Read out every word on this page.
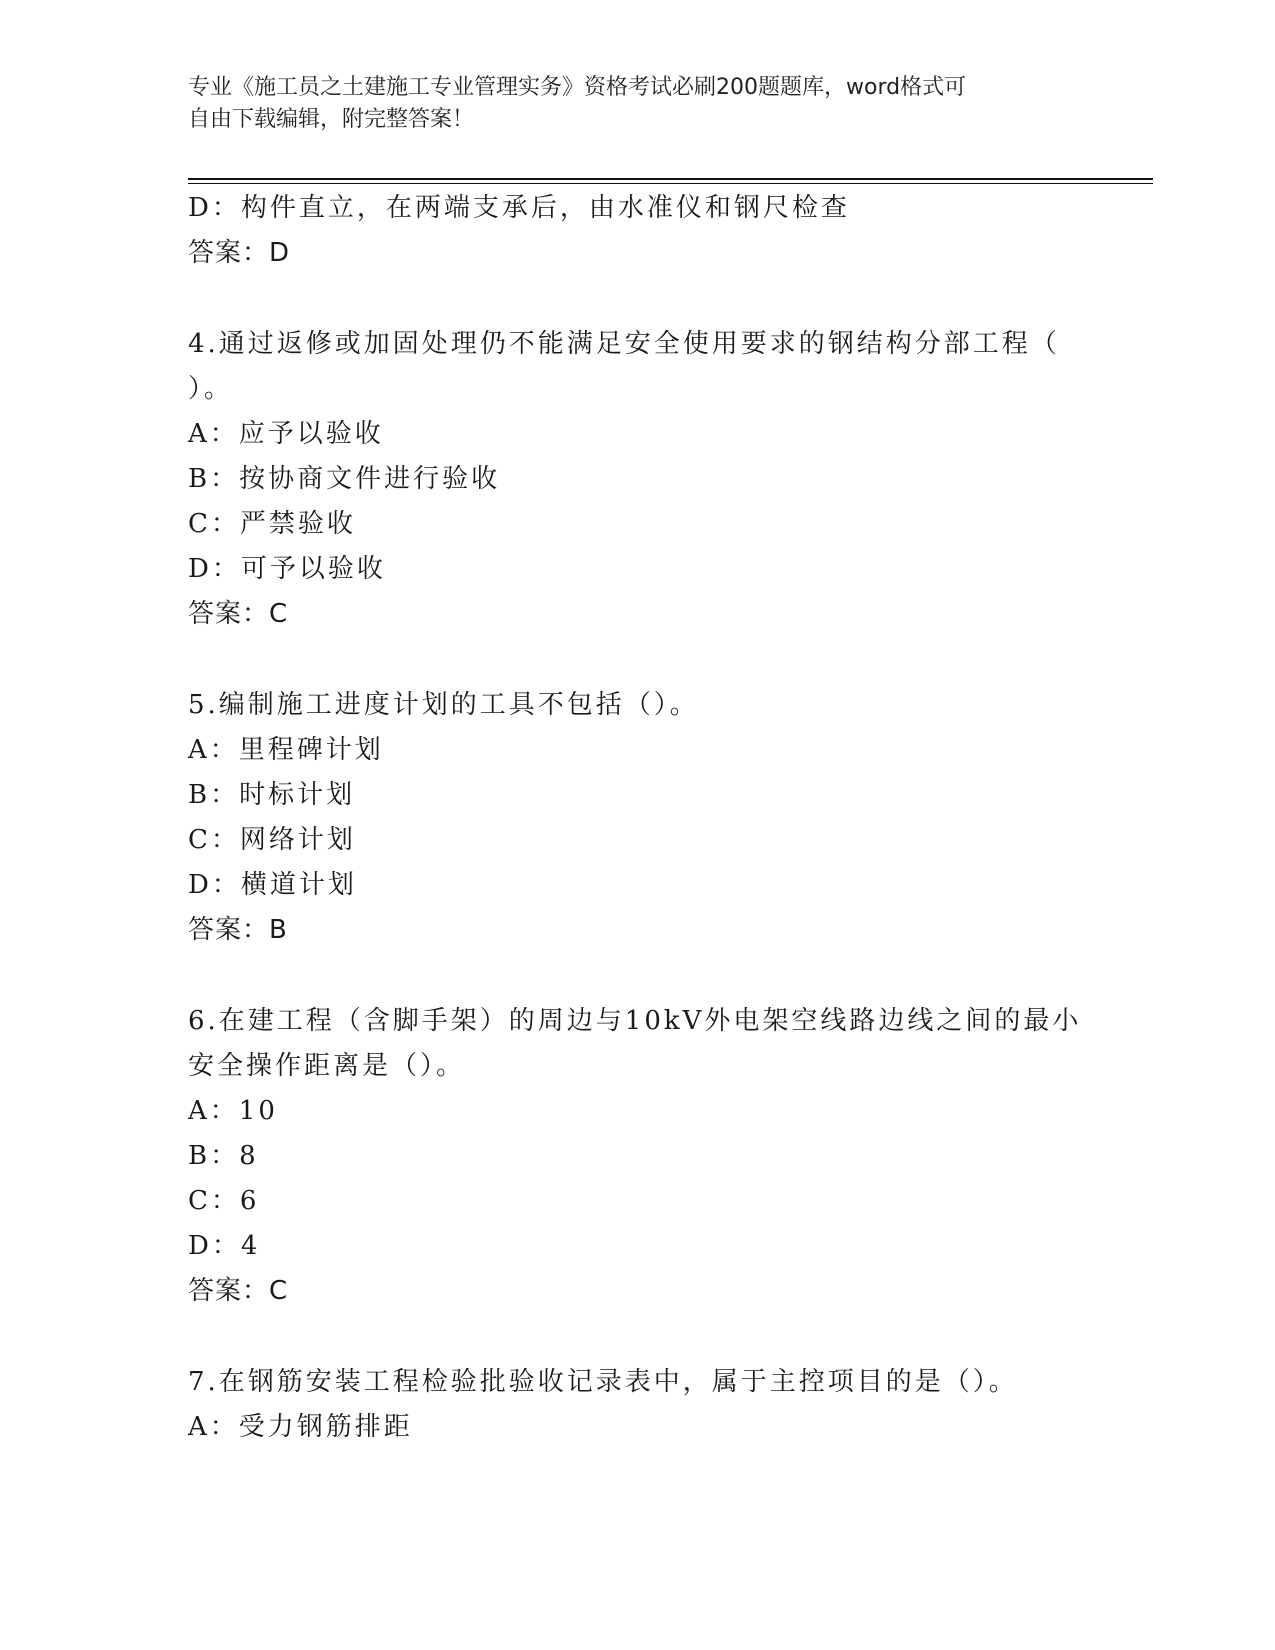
专业《施工员之土建施工专业管理实务》资格考试必刷200题题库，word格式可
自由下载编辑，附完整答案！
D：构件直立，在两端支承后，由水准仪和钢尺检查
答案：D
4.通过返修或加固处理仍不能满足安全使用要求的钢结构分部工程（
）。
A：应予以验收
B：按协商文件进行验收
C：严禁验收
D：可予以验收
答案：C
5.编制施工进度计划的工具不包括（）。
A：里程碑计划
B：时标计划
C：网络计划
D：横道计划
答案：B
6.在建工程（含脚手架）的周边与10kV外电架空线路边线之间的最小
安全操作距离是（）。
A：10
B：8
C：6
D：4
答案：C
7.在钢筋安装工程检验批验收记录表中，属于主控项目的是（）。
A：受力钢筋排距
